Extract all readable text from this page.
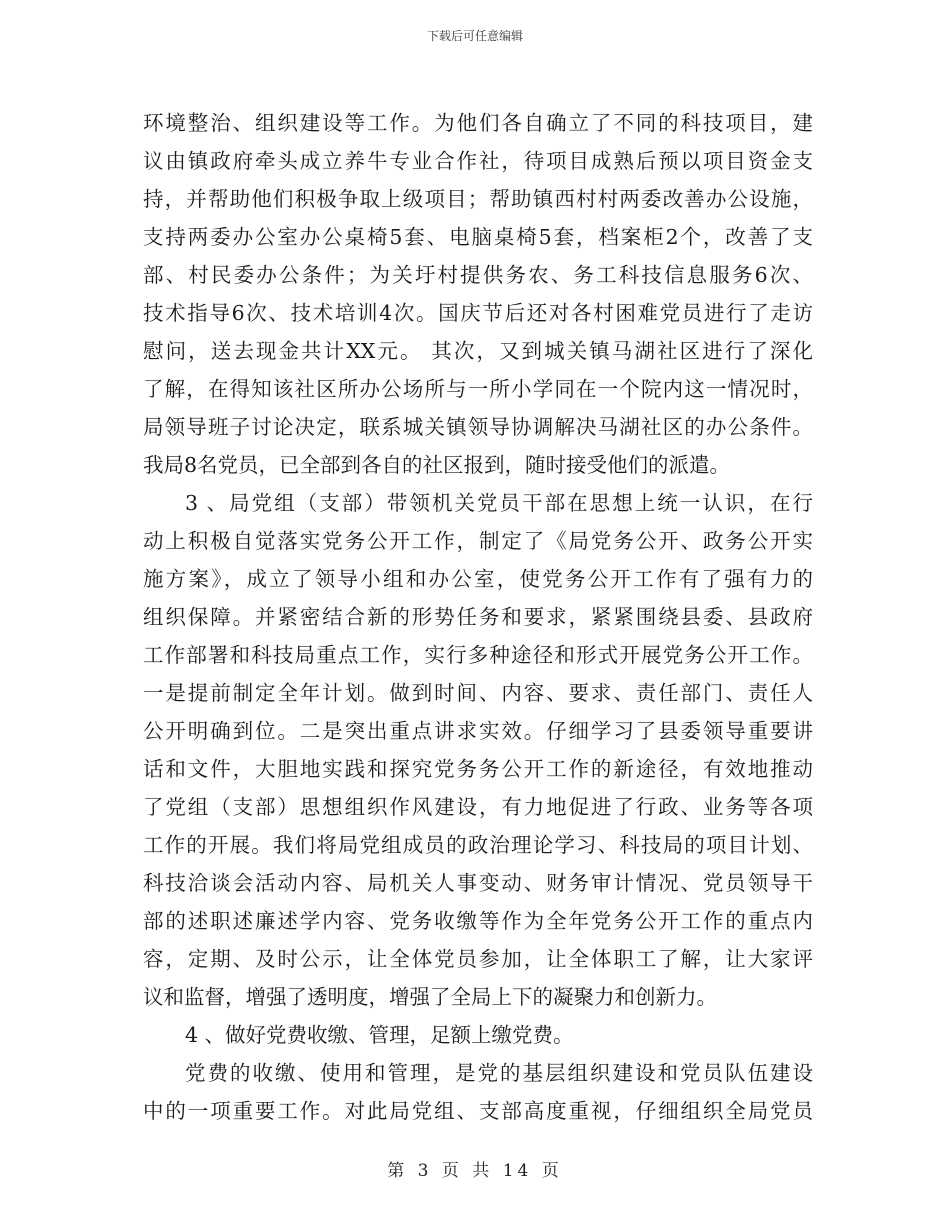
下载后可任意编辑
环境整治、组织建设等工作。为他们各自确立了不同的科技项目，建
议由镇政府牵头成立养牛专业合作社，待项目成熟后预以项目资金支
持，并帮助他们积极争取上级项目；帮助镇西村村两委改善办公设施，
支持两委办公室办公桌椅5套、电脑桌椅5套，档案柜2个，改善了支
部、村民委办公条件；为关圩村提供务农、务工科技信息服务6次、
技术指导6次、技术培训4次。国庆节后还对各村困难党员进行了走访
慰问，送去现金共计XX元。 其次，又到城关镇马湖社区进行了深化
了解，在得知该社区所办公场所与一所小学同在一个院内这一情况时，
局领导班子讨论决定，联系城关镇领导协调解决马湖社区的办公条件。
我局8名党员，已全部到各自的社区报到，随时接受他们的派遣。
3 、局党组（支部）带领机关党员干部在思想上统一认识，在行
动上积极自觉落实党务公开工作，制定了《局党务公开、政务公开实
施方案》，成立了领导小组和办公室，使党务公开工作有了强有力的
组织保障。并紧密结合新的形势任务和要求，紧紧围绕县委、县政府
工作部署和科技局重点工作，实行多种途径和形式开展党务公开工作。
一是提前制定全年计划。做到时间、内容、要求、责任部门、责任人
公开明确到位。二是突出重点讲求实效。仔细学习了县委领导重要讲
话和文件，大胆地实践和探究党务务公开工作的新途径，有效地推动
了党组（支部）思想组织作风建设，有力地促进了行政、业务等各项
工作的开展。我们将局党组成员的政治理论学习、科技局的项目计划、
科技洽谈会活动内容、局机关人事变动、财务审计情况、党员领导干
部的述职述廉述学内容、党务收缴等作为全年党务公开工作的重点内
容，定期、及时公示，让全体党员参加，让全体职工了解，让大家评
议和监督，增强了透明度，增强了全局上下的凝聚力和创新力。
4 、做好党费收缴、管理，足额上缴党费。
党费的收缴、使用和管理，是党的基层组织建设和党员队伍建设
中的一项重要工作。对此局党组、支部高度重视，仔细组织全局党员
第 3 页 共 14 页
